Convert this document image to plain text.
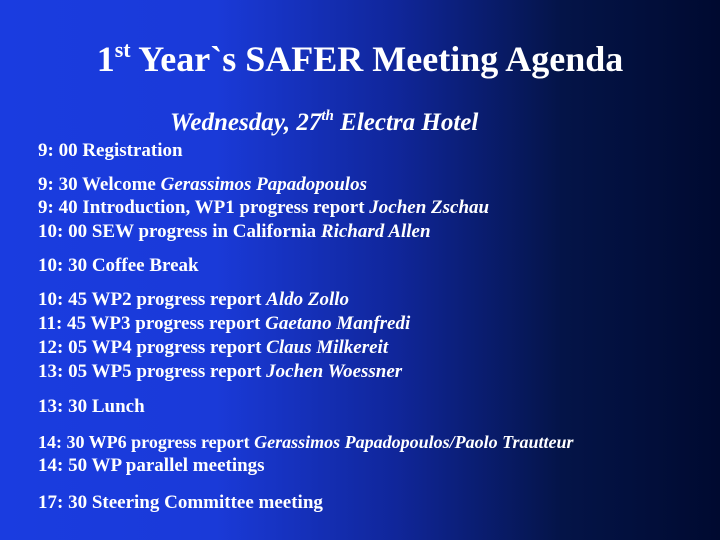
1st Year`s SAFER Meeting Agenda
Wednesday, 27th Electra Hotel
9: 00 Registration
9: 30 Welcome Gerassimos Papadopoulos
9: 40 Introduction, WP1 progress report Jochen Zschau
10: 00 SEW progress in California Richard Allen
10: 30 Coffee Break
10: 45 WP2 progress report Aldo Zollo
11: 45 WP3 progress report Gaetano Manfredi
12: 05 WP4 progress report Claus Milkereit
13: 05 WP5 progress report Jochen Woessner
13: 30 Lunch
14: 30 WP6 progress report Gerassimos Papadopoulos/Paolo Trautteur
14: 50 WP parallel meetings
17: 30 Steering Committee meeting
